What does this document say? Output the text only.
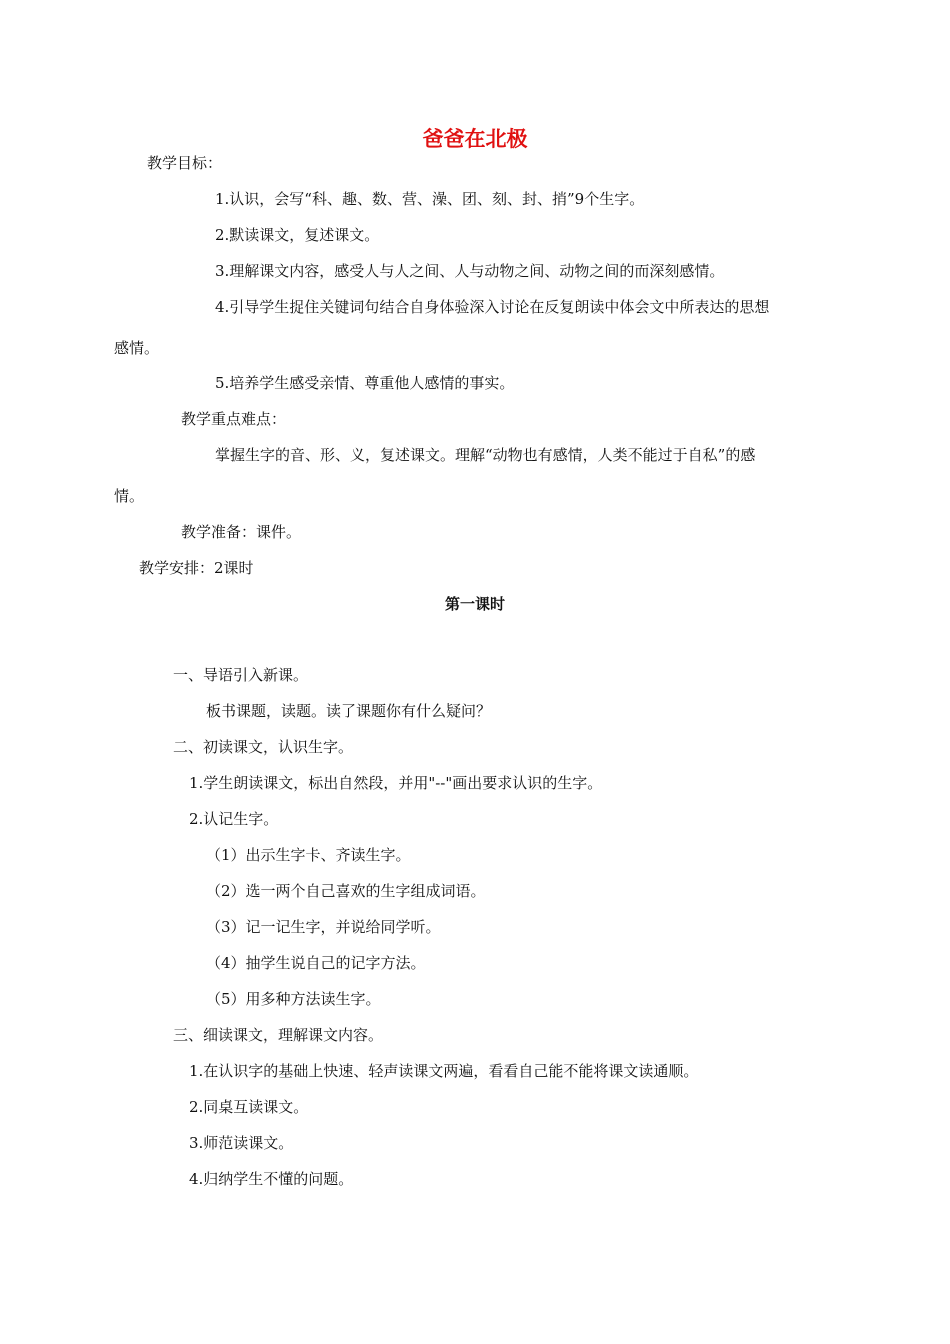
爸爸在北极
教学目标：
1.认识，会写“科、趣、数、营、澡、团、刻、封、捎”9个生字。
2.默读课文，复述课文。
3.理解课文内容，感受人与人之间、人与动物之间、动物之间的而深刻感情。
4.引导学生捉住关键词句结合自身体验深入讨论在反复朗读中体会文中所表达的思想
感情。
5.培养学生感受亲情、尊重他人感情的事实。
教学重点难点：
掌握生字的音、形、义，复述课文。理解“动物也有感情，人类不能过于自私”的感
情。
教学准备：课件。
教学安排：2课时
第一课时
一、导语引入新课。
板书课题，读题。读了课题你有什么疑问？
二、初读课文，认识生字。
1.学生朗读课文，标出自然段，并用"--"画出要求认识的生字。
2.认记生字。
（1）出示生字卡、齐读生字。
（2）选一两个自己喜欢的生字组成词语。
（3）记一记生字，并说给同学听。
（4）抽学生说自己的记字方法。
（5）用多种方法读生字。
三、细读课文，理解课文内容。
1.在认识字的基础上快速、轻声读课文两遍，看看自己能不能将课文读通顺。
2.同桌互读课文。
3.师范读课文。
4.归纳学生不懂的问题。
